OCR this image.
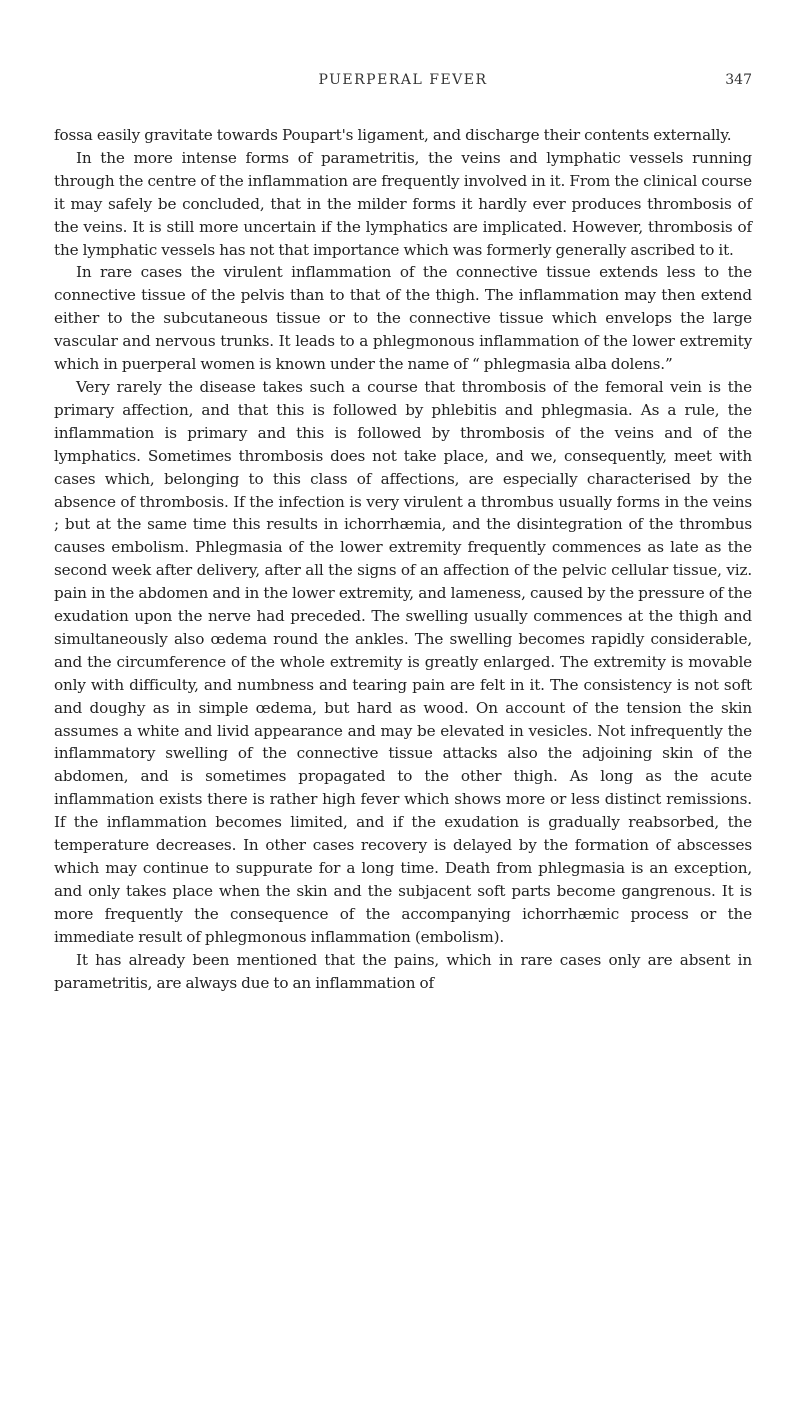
PUERPERAL FEVER	347

fossa easily gravitate towards Poupart's ligament, and discharge their contents externally.

In the more intense forms of parametritis, the veins and lymphatic vessels running through the centre of the inflammation are frequently involved in it. From the clinical course it may safely be concluded, that in the milder forms it hardly ever produces thrombosis of the veins. It is still more uncertain if the lymphatics are implicated. However, thrombosis of the lymphatic vessels has not that importance which was formerly generally ascribed to it.

In rare cases the virulent inflammation of the connective tissue extends less to the connective tissue of the pelvis than to that of the thigh. The inflammation may then extend either to the subcutaneous tissue or to the connective tissue which envelops the large vascular and nervous trunks. It leads to a phlegmonous inflammation of the lower extremity which in puerperal women is known under the name of “ phlegmasia alba dolens.”

Very rarely the disease takes such a course that thrombosis of the femoral vein is the primary affection, and that this is followed by phlebitis and phlegmasia. As a rule, the inflammation is primary and this is followed by thrombosis of the veins and of the lymphatics. Sometimes thrombosis does not take place, and we, consequently, meet with cases which, belonging to this class of affections, are especially characterised by the absence of thrombosis. If the infection is very virulent a thrombus usually forms in the veins ; but at the same time this results in ichorrhæmia, and the disintegration of the thrombus causes embolism. Phlegmasia of the lower extremity frequently commences as late as the second week after delivery, after all the signs of an affection of the pelvic cellular tissue, viz. pain in the abdomen and in the lower extremity, and lameness, caused by the pressure of the exudation upon the nerve had preceded. The swelling usually commences at the thigh and simultaneously also œdema round the ankles. The swelling becomes rapidly considerable, and the circumference of the whole extremity is greatly enlarged. The extremity is movable only with difficulty, and numbness and tearing pain are felt in it. The consistency is not soft and doughy as in simple œdema, but hard as wood. On account of the tension the skin assumes a white and livid appearance and may be elevated in vesicles. Not infrequently the inflammatory swelling of the connective tissue attacks also the adjoining skin of the abdomen, and is sometimes propagated to the other thigh. As long as the acute inflammation exists there is rather high fever which shows more or less distinct remissions. If the inflammation becomes limited, and if the exudation is gradually reabsorbed, the temperature decreases. In other cases recovery is delayed by the formation of abscesses which may continue to suppurate for a long time. Death from phlegmasia is an exception, and only takes place when the skin and the subjacent soft parts become gangrenous. It is more frequently the consequence of the accompanying ichorrhæmic process or the immediate result of phlegmonous inflammation (embolism).

It has already been mentioned that the pains, which in rare cases only are absent in parametritis, are always due to an inflammation of
